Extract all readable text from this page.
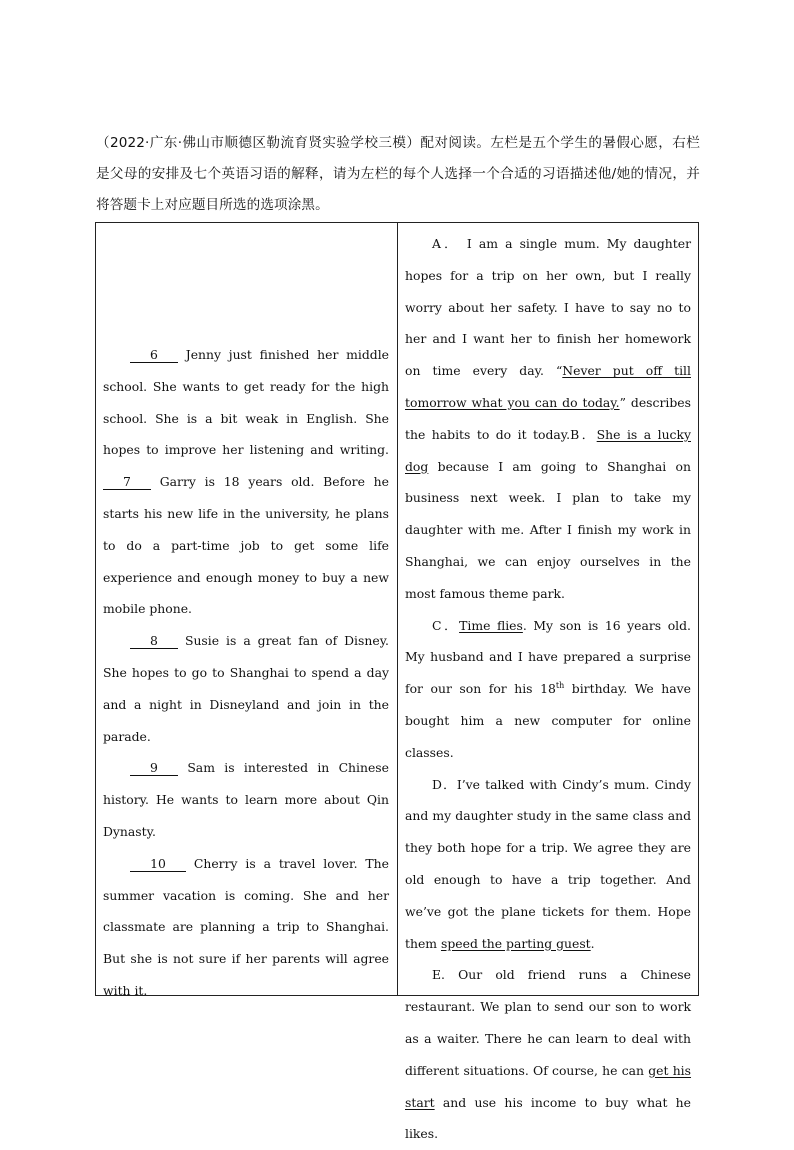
（2022·广东·佛山市顺德区勒流育贤实验学校三模）配对阅读。左栏是五个学生的暑假心愿，右栏是父母的安排及七个英语习语的解释，请为左栏的每个人选择一个合适的习语描述他/她的情况，并将答题卡上对应题目所选的选项涂黑。

6 Jenny just finished her middle school. She wants to get ready for the high school. She is a bit weak in English. She hopes to improve her listening and writing.7 Garry is 18 years old. Before he starts his new life in the university, he plans to do a part-time job to get some life experience and enough money to buy a new mobile phone.

8 Susie is a great fan of Disney. She hopes to go to Shanghai to spend a day and a night in Disneyland and join in the parade.

9 Sam is interested in Chinese history. He wants to learn more about Qin Dynasty.

10 Cherry is a travel lover. The summer vacation is coming. She and her classmate are planning a trip to Shanghai. But she is not sure if her parents will agree with it.

A． I am a single mum. My daughter hopes for a trip on her own, but I really worry about her safety. I have to say no to her and I want her to finish her homework on time every day. “Never put off till tomorrow what you can do today.” describes the habits to do it today.B．She is a lucky dog because I am going to Shanghai on business next week. I plan to take my daughter with me. After I finish my work in Shanghai, we can enjoy ourselves in the most famous theme park.

C．Time flies. My son is 16 years old. My husband and I have prepared a surprise for our son for his 18th birthday. We have bought him a new computer for online classes.

D．I’ve talked with Cindy’s mum. Cindy and my daughter study in the same class and they both hope for a trip. We agree they are old enough to have a trip together. And we’ve got the plane tickets for them. Hope them speed the parting guest.

E. Our old friend runs a Chinese restaurant. We plan to send our son to work as a waiter. There he can learn to deal with different situations. Of course, he can get his start and use his income to buy what he likes.
